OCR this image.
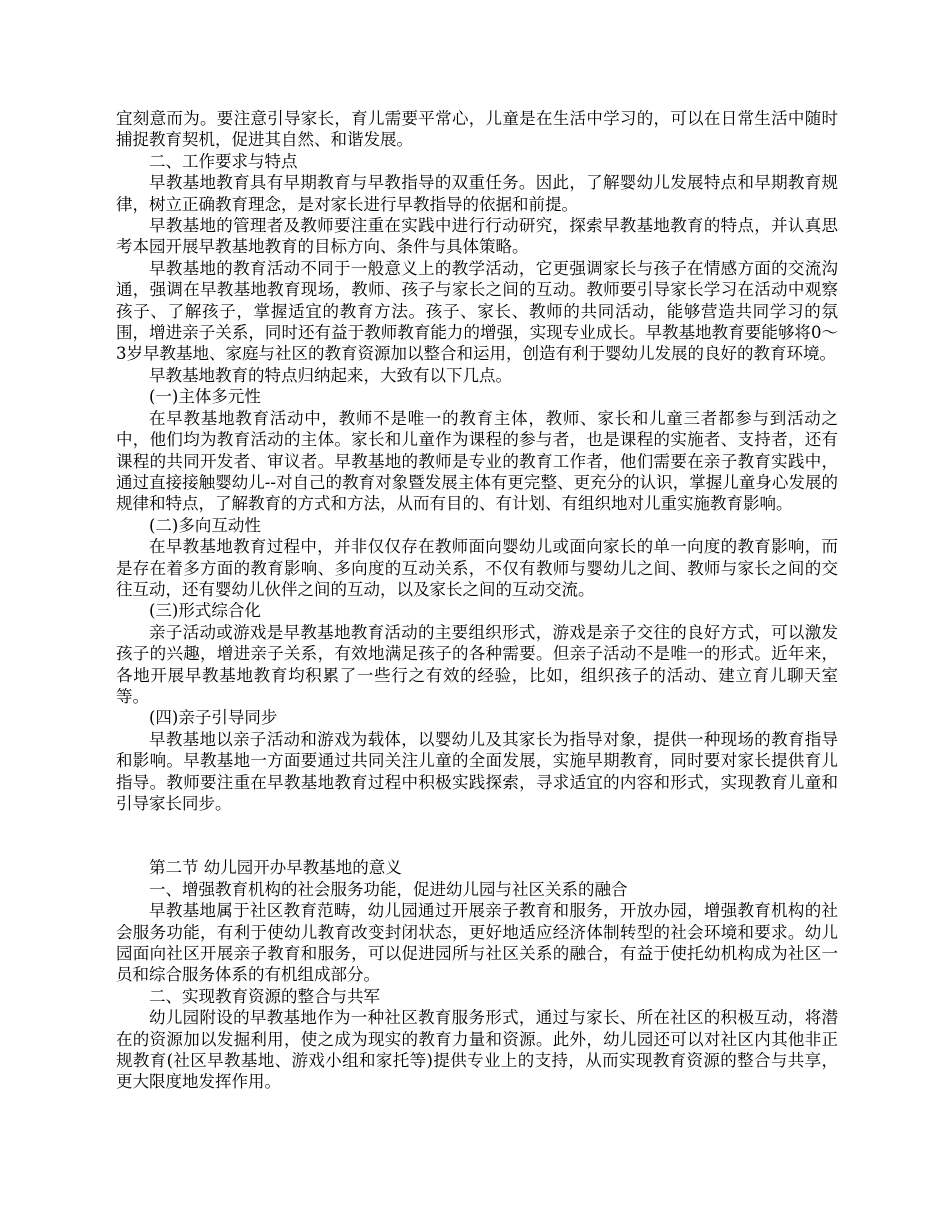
宜刻意而为。要注意引导家长，育儿需要平常心，儿童是在生活中学习的，可以在日常生活中随时捕捉教育契机，促进其自然、和谐发展。

二、工作要求与特点

早教基地教育具有早期教育与早教指导的双重任务。因此，了解婴幼儿发展特点和早期教育规律，树立正确教育理念，是对家长进行早教指导的依据和前提。

早教基地的管理者及教师要注重在实践中进行行动研究，探索早教基地教育的特点，并认真思考本园开展早教基地教育的目标方向、条件与具体策略。

早教基地的教育活动不同于一般意义上的教学活动，它更强调家长与孩子在情感方面的交流沟通，强调在早教基地教育现场，教师、孩子与家长之间的互动。教师要引导家长学习在活动中观察孩子、了解孩子，掌握适宜的教育方法。孩子、家长、教师的共同活动，能够营造共同学习的氛围，增进亲子关系，同时还有益于教师教育能力的增强，实现专业成长。早教基地教育要能够将0～3岁早教基地、家庭与社区的教育资源加以整合和运用，创造有利于婴幼儿发展的良好的教育环境。

早教基地教育的特点归纳起来，大致有以下几点。

(一)主体多元性

在早教基地教育活动中，教师不是唯一的教育主体，教师、家长和儿童三者都参与到活动之中，他们均为教育活动的主体。家长和儿童作为课程的参与者，也是课程的实施者、支持者，还有课程的共同开发者、审议者。早教基地的教师是专业的教育工作者，他们需要在亲子教育实践中，通过直接接触婴幼儿--对自己的教育对象暨发展主体有更完整、更充分的认识，掌握儿童身心发展的规律和特点，了解教育的方式和方法，从而有目的、有计划、有组织地对儿重实施教育影响。

(二)多向互动性

在早教基地教育过程中，并非仅仅存在教师面向婴幼儿或面向家长的单一向度的教育影响，而是存在着多方面的教育影响、多向度的互动关系，不仅有教师与婴幼儿之间、教师与家长之间的交往互动，还有婴幼儿伙伴之间的互动，以及家长之间的互动交流。

(三)形式综合化

亲子活动或游戏是早教基地教育活动的主要组织形式，游戏是亲子交往的良好方式，可以激发孩子的兴趣，增进亲子关系，有效地满足孩子的各种需要。但亲子活动不是唯一的形式。近年来，各地开展早教基地教育均积累了一些行之有效的经验，比如，组织孩子的活动、建立育儿聊天室等。

(四)亲子引导同步

早教基地以亲子活动和游戏为载体，以婴幼儿及其家长为指导对象，提供一种现场的教育指导和影响。早教基地一方面要通过共同关注儿童的全面发展，实施早期教育，同时要对家长提供育儿指导。教师要注重在早教基地教育过程中积极实践探索，寻求适宜的内容和形式，实现教育儿童和引导家长同步。

第二节 幼儿园开办早教基地的意义

一、增强教育机构的社会服务功能，促进幼儿园与社区关系的融合

早教基地属于社区教育范畴，幼儿园通过开展亲子教育和服务，开放办园，增强教育机构的社会服务功能，有利于使幼儿教育改变封闭状态，更好地适应经济体制转型的社会环境和要求。幼儿园面向社区开展亲子教育和服务，可以促进园所与社区关系的融合，有益于使托幼机构成为社区一员和综合服务体系的有机组成部分。

二、实现教育资源的整合与共军

幼儿园附设的早教基地作为一种社区教育服务形式，通过与家长、所在社区的积极互动，将潜在的资源加以发掘利用，使之成为现实的教育力量和资源。此外，幼儿园还可以对社区内其他非正规教育(社区早教基地、游戏小组和家托等)提供专业上的支持，从而实现教育资源的整合与共享，更大限度地发挥作用。
